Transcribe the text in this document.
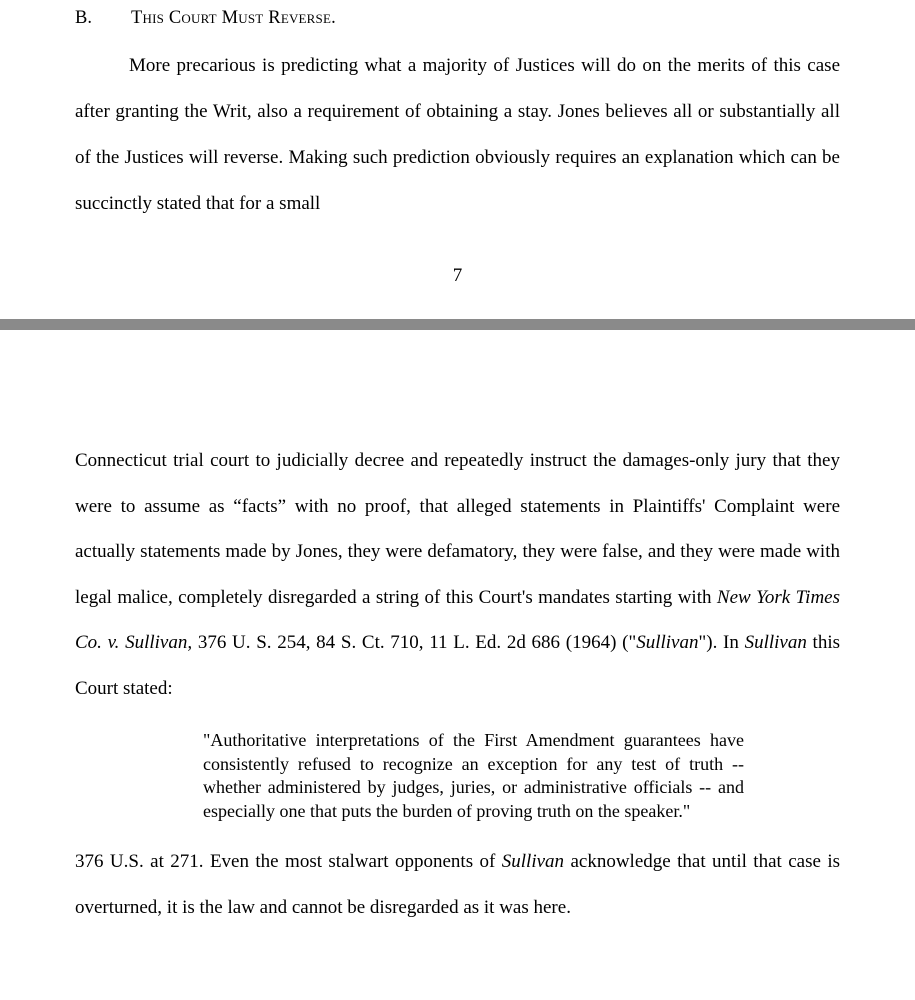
B.	This Court Must Reverse.

More precarious is predicting what a majority of Justices will do on the merits of this case after granting the Writ, also a requirement of obtaining a stay. Jones believes all or substantially all of the Justices will reverse. Making such prediction obviously requires an explanation which can be succinctly stated that for a small

7

Connecticut trial court to judicially decree and repeatedly instruct the damages-only jury that they were to assume as “facts” with no proof, that alleged statements in Plaintiffs' Complaint were actually statements made by Jones, they were defamatory, they were false, and they were made with legal malice, completely disregarded a string of this Court's mandates starting with New York Times Co. v. Sullivan, 376 U. S. 254, 84 S. Ct. 710, 11 L. Ed. 2d 686 (1964) ("Sullivan"). In Sullivan this Court stated:

"Authoritative interpretations of the First Amendment guarantees have consistently refused to recognize an exception for any test of truth -- whether administered by judges, juries, or administrative officials -- and especially one that puts the burden of proving truth on the speaker."

376 U.S. at 271. Even the most stalwart opponents of Sullivan acknowledge that until that case is overturned, it is the law and cannot be disregarded as it was here.
